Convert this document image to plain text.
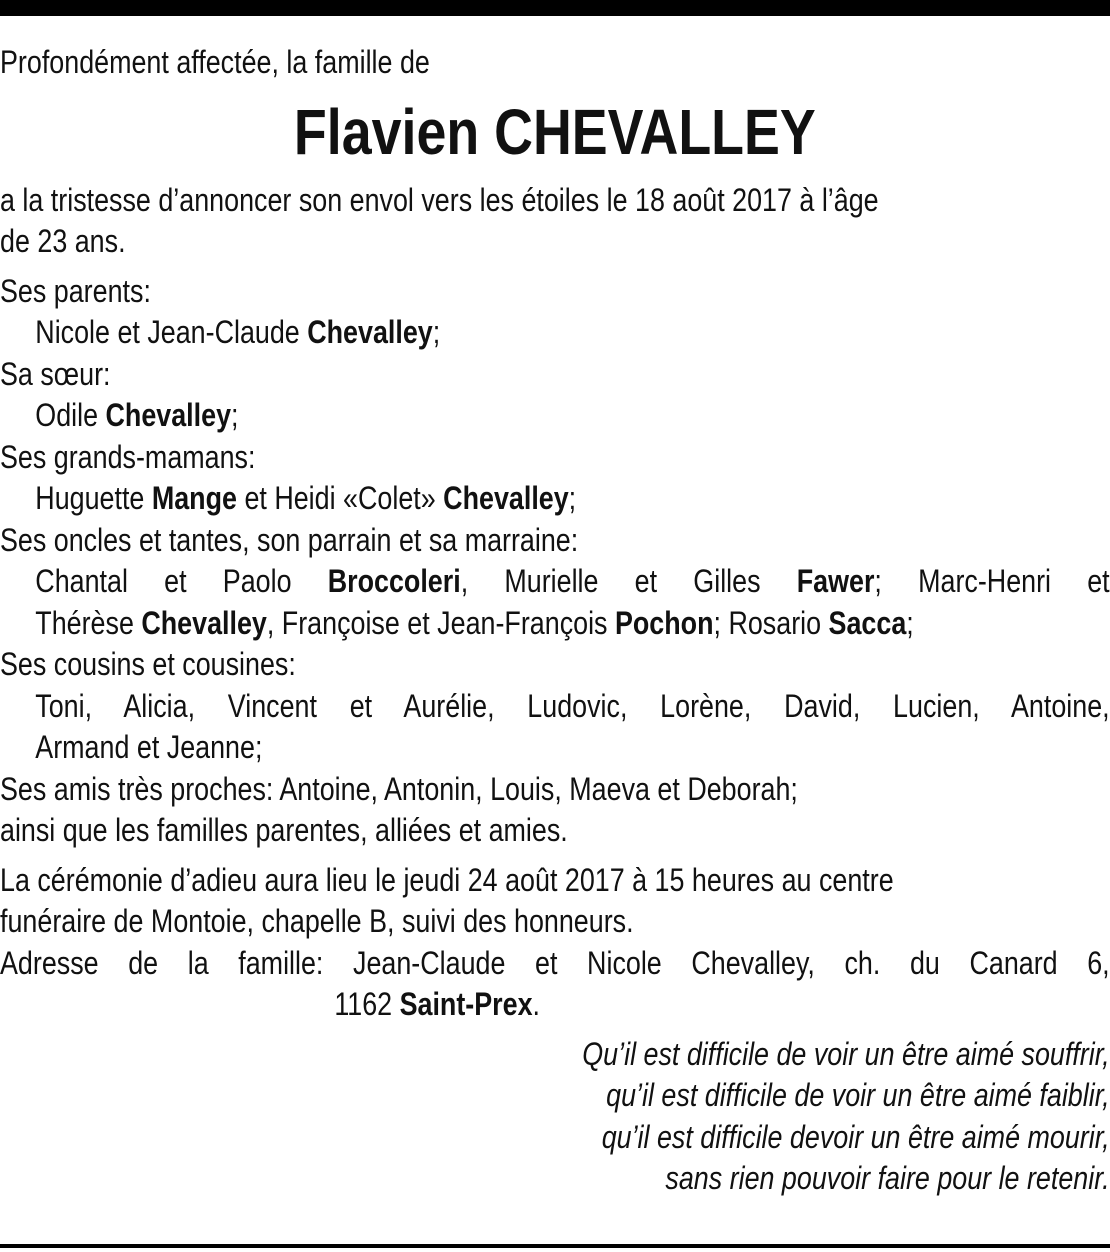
Profondément affectée, la famille de
Flavien CHEVALLEY
a la tristesse d’annoncer son envol vers les étoiles le 18 août 2017 à l’âge
de 23 ans.
Ses parents:
Nicole et Jean-Claude Chevalley;
Sa sœur:
Odile Chevalley;
Ses grands-mamans:
Huguette Mange et Heidi «Colet» Chevalley;
Ses oncles et tantes, son parrain et sa marraine:
Chantal et Paolo Broccoleri, Murielle et Gilles Fawer; Marc-Henri et
Thérèse Chevalley, Françoise et Jean-François Pochon; Rosario Sacca;
Ses cousins et cousines:
Toni, Alicia, Vincent et Aurélie, Ludovic, Lorène, David, Lucien, Antoine,
Armand et Jeanne;
Ses amis très proches: Antoine, Antonin, Louis, Maeva et Deborah;
ainsi que les familles parentes, alliées et amies.
La cérémonie d’adieu aura lieu le jeudi 24 août 2017 à 15 heures au centre
funéraire de Montoie, chapelle B, suivi des honneurs.
Adresse de la famille: Jean-Claude et Nicole Chevalley, ch. du Canard 6,
1162 Saint-Prex.
Qu’il est difficile de voir un être aimé souffrir,
qu’il est difficile de voir un être aimé faiblir,
qu’il est difficile devoir un être aimé mourir,
sans rien pouvoir faire pour le retenir.
